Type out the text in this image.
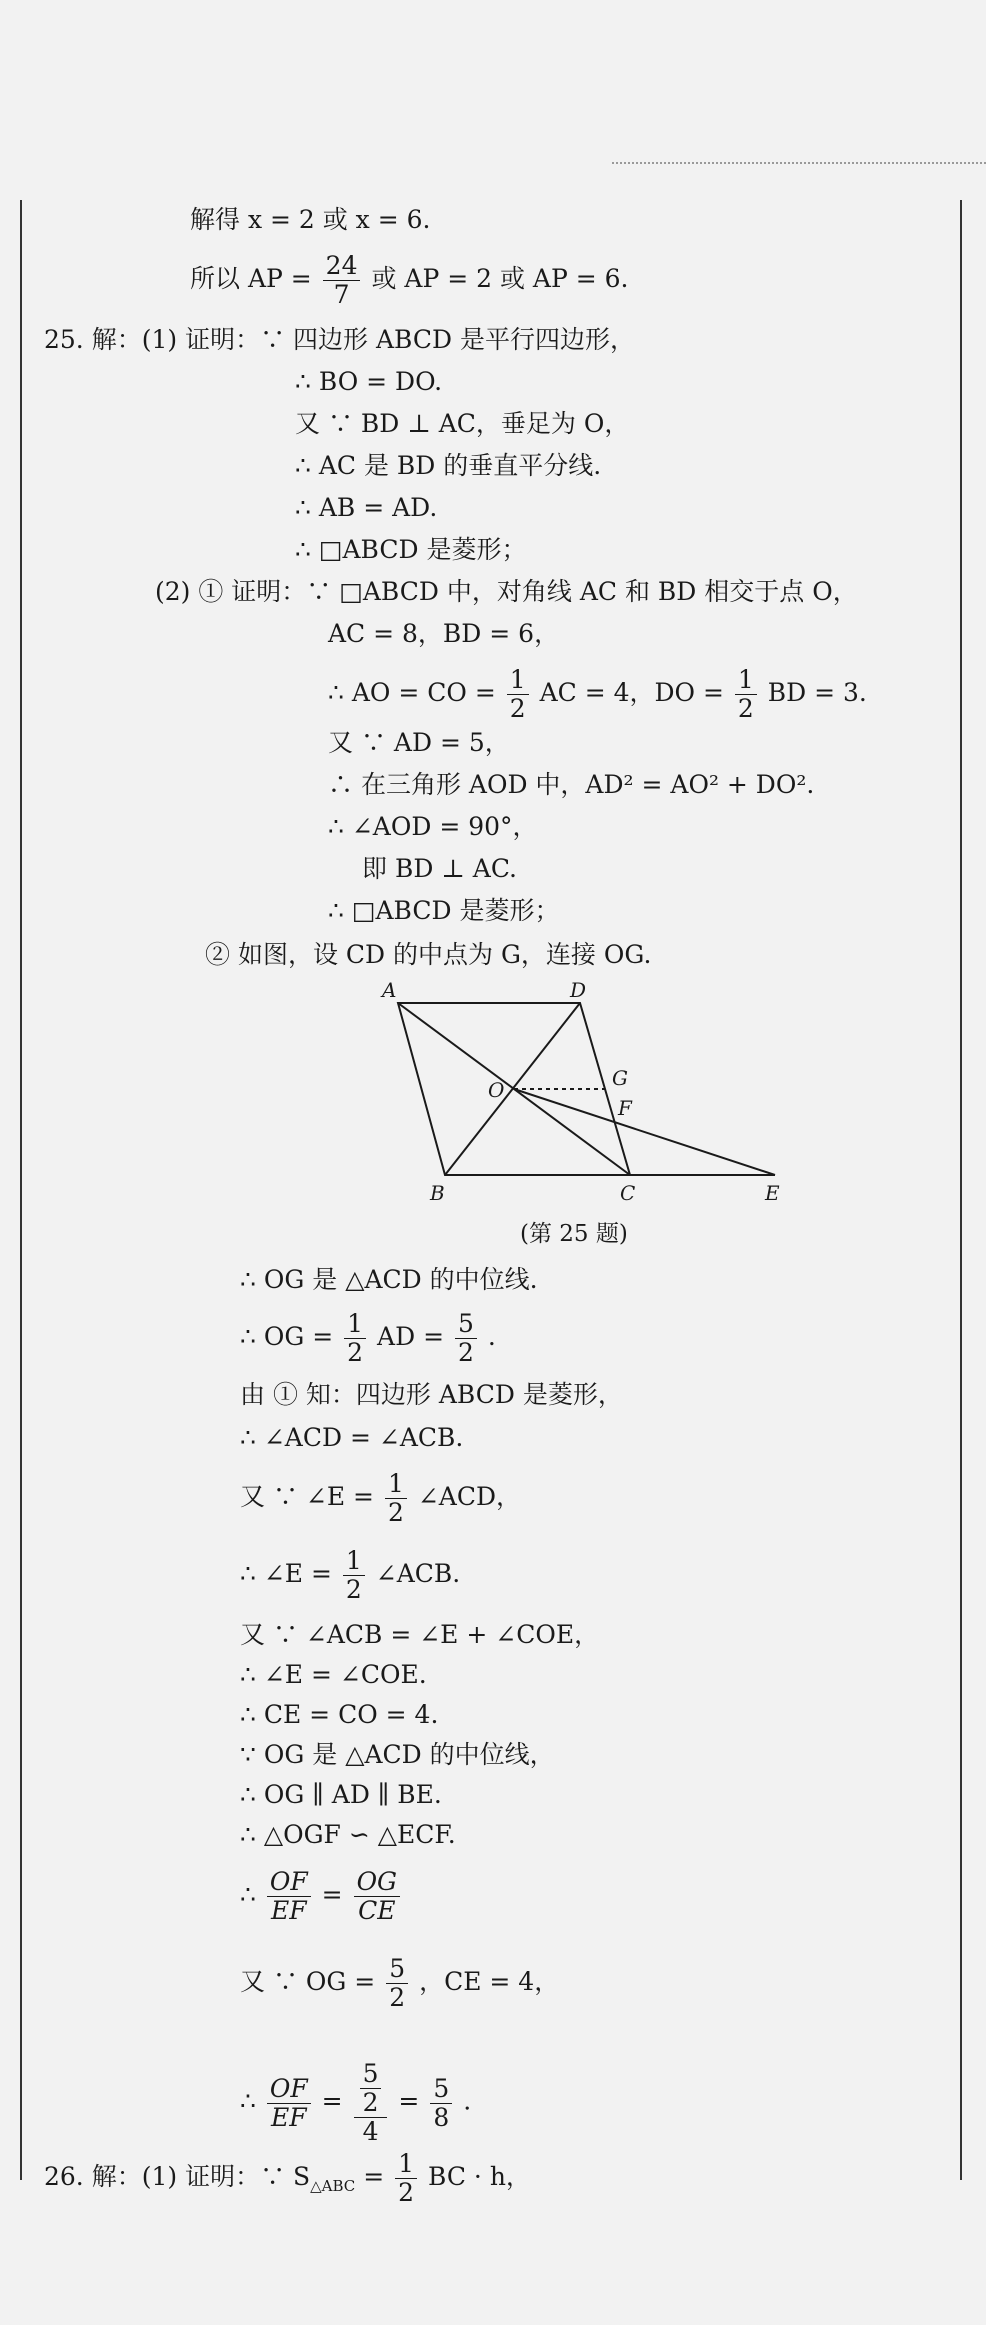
解得 x = 2 或 x = 6.
所以 AP = $\frac{24}{7}$ 或 AP = 2 或 AP = 6.
25. 解：(1) 证明：∵ 四边形 ABCD 是平行四边形，
∴ BO = DO.
又 ∵ BD ⊥ AC，垂足为 O，
∴ AC 是 BD 的垂直平分线.
∴ AB = AD.
∴ □ABCD 是菱形；
(2) ① 证明：∵ □ABCD 中，对角线 AC 和 BD 相交于点 O，
AC = 8，BD = 6，
∴ AO = CO = $\frac{1}{2}$ AC = 4，DO = $\frac{1}{2}$ BD = 3.
又 ∵ AD = 5，
∴ 在三角形 AOD 中，AD² = AO² + DO².
∴ ∠AOD = 90°，
即 BD ⊥ AC.
∴ □ABCD 是菱形；
② 如图，设 CD 的中点为 G，连接 OG.
A	D
O	G
F
B	C	E
(第 25 题)
∴ OG 是 △ACD 的中位线.
∴ OG = $\frac{1}{2}$ AD = $\frac{5}{2}$ .
由 ① 知：四边形 ABCD 是菱形，
∴ ∠ACD = ∠ACB.
又 ∵ ∠E = $\frac{1}{2}$ ∠ACD，
∴ ∠E = $\frac{1}{2}$ ∠ACB.
又 ∵ ∠ACB = ∠E + ∠COE，
∴ ∠E = ∠COE.
∴ CE = CO = 4.
∵ OG 是 △ACD 的中位线，
∴ OG ∥ AD ∥ BE.
∴ △OGF ∽ △ECF.
∴ $\frac{OF}{EF} = \frac{OG}{CE}$
又 ∵ OG = $\frac{5}{2}$ ，CE = 4，
∴ $\frac{OF}{EF} = \frac{\frac{5}{2}}{4} = \frac{5}{8}$ .
26. 解：(1) 证明：∵ $S_{\triangle ABC} = \frac{1}{2}$ BC · h，
